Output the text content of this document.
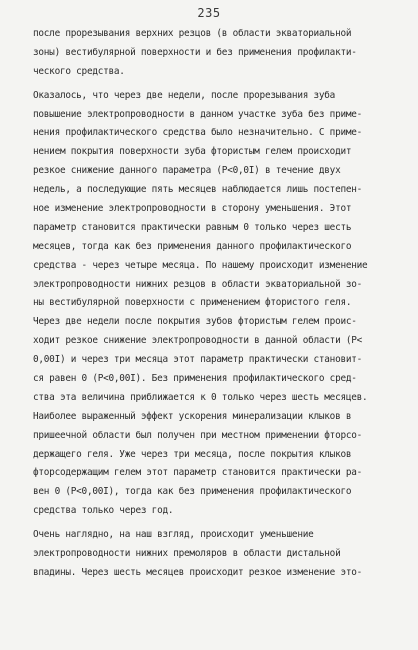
235
после прорезывания верхних резцов (в области экваториальной
зоны) вестибулярной поверхности и без применения профилакти-
ческого средства.
Оказалось, что через две недели, после прорезывания зуба
повышение электропроводности в данном участке зуба без приме-
нения профилактического средства было незначительно. С приме-
нением покрытия поверхности зуба фтористым гелем происходит
резкое снижение данного параметра (P<0,0I) в течение двух
недель, а последующие пять месяцев наблюдается лишь постепен-
ное изменение электропроводности в сторону уменьшения. Этот
параметр становится практически равным 0 только через шесть
месяцев, тогда как без применения данного профилактического
средства - через четыре месяца. По нашему происходит изменение
электропроводности нижних резцов в области экваториальной зо-
ны вестибулярной поверхности с применением фтористого геля.
Через две недели после покрытия зубов фтористым гелем проис-
ходит резкое снижение электропроводности в данной области (P<
0,00I) и через три месяца этот параметр практически становит-
ся равен 0 (P<0,00I). Без применения профилактического сред-
ства эта величина приближается к 0 только через шесть месяцев.
Наиболее выраженный эффект ускорения минерализации клыков в
пришеечной области был получен при местном применении фторсо-
держащего геля. Уже через три месяца, после покрытия клыков
фторсодержащим гелем этот параметр становится практически ра-
вен 0 (P<0,00I), тогда как без применения профилактического
средства только через год.
Очень наглядно, на наш взгляд, происходит уменьшение
электропроводности нижних премоляров в области дистальной
впадины. Через шесть месяцев происходит резкое изменение это-
